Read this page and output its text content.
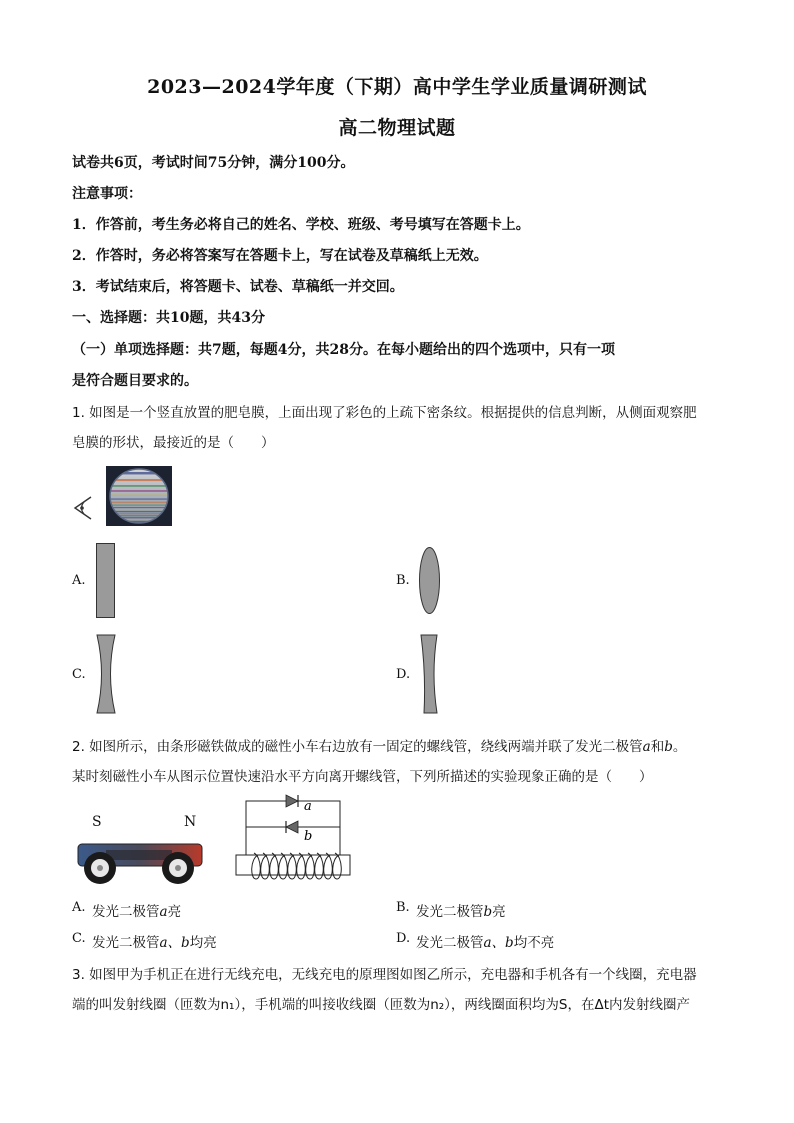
2023—2024学年度（下期）高中学生学业质量调研测试
高二物理试题
试卷共6页，考试时间75分钟，满分100分。
注意事项：
1．作答前，考生务必将自己的姓名、学校、班级、考号填写在答题卡上。
2．作答时，务必将答案写在答题卡上，写在试卷及草稿纸上无效。
3．考试结束后，将答题卡、试卷、草稿纸一并交回。
一、选择题：共10题，共43分
（一）单项选择题：共7题，每题4分，共28分。在每小题给出的四个选项中，只有一项
是符合题目要求的。
1. 如图是一个竖直放置的肥皂膜，上面出现了彩色的上疏下密条纹。根据提供的信息判断，从侧面观察肥
皂膜的形状，最接近的是（　　）
A.	B.
C.	D.
2. 如图所示，由条形磁铁做成的磁性小车右边放有一固定的螺线管，绕线两端并联了发光二极管a和b。
某时刻磁性小车从图示位置快速沿水平方向离开螺线管，下列所描述的实验现象正确的是（　　）
S	N
a
b
A. 发光二极管a亮	B. 发光二极管b亮
C. 发光二极管a、b均亮	D. 发光二极管a、b均不亮
3. 如图甲为手机正在进行无线充电，无线充电的原理图如图乙所示，充电器和手机各有一个线圈，充电器
端的叫发射线圈（匝数为n₁），手机端的叫接收线圈（匝数为n₂），两线圈面积均为S，在Δt内发射线圈产
